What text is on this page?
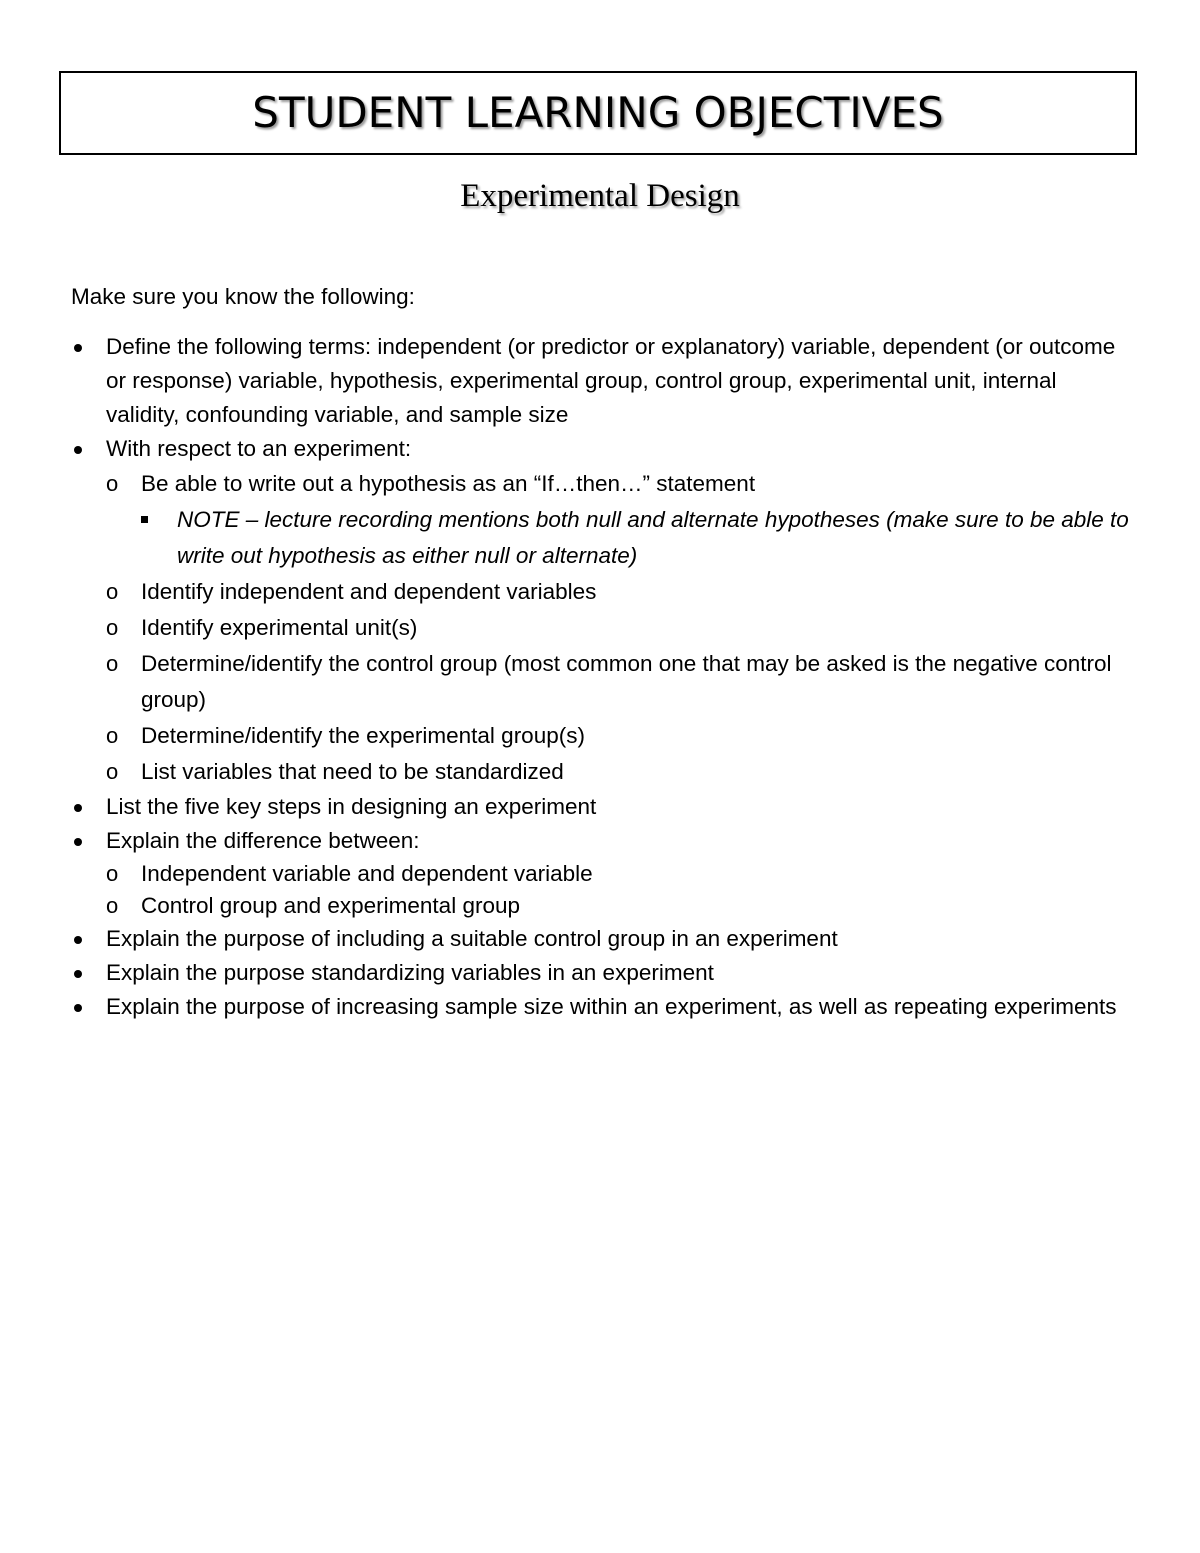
STUDENT LEARNING OBJECTIVES
Experimental Design

Make sure you know the following:

Define the following terms: independent (or predictor or explanatory) variable, dependent (or outcome or response) variable, hypothesis, experimental group, control group, experimental unit, internal validity, confounding variable, and sample size
With respect to an experiment:
o Be able to write out a hypothesis as an “If…then…” statement
NOTE – lecture recording mentions both null and alternate hypotheses (make sure to be able to write out hypothesis as either null or alternate)
o Identify independent and dependent variables
o Identify experimental unit(s)
o Determine/identify the control group (most common one that may be asked is the negative control group)
o Determine/identify the experimental group(s)
o List variables that need to be standardized
List the five key steps in designing an experiment
Explain the difference between:
o Independent variable and dependent variable
o Control group and experimental group
Explain the purpose of including a suitable control group in an experiment
Explain the purpose standardizing variables in an experiment
Explain the purpose of increasing sample size within an experiment, as well as repeating experiments
